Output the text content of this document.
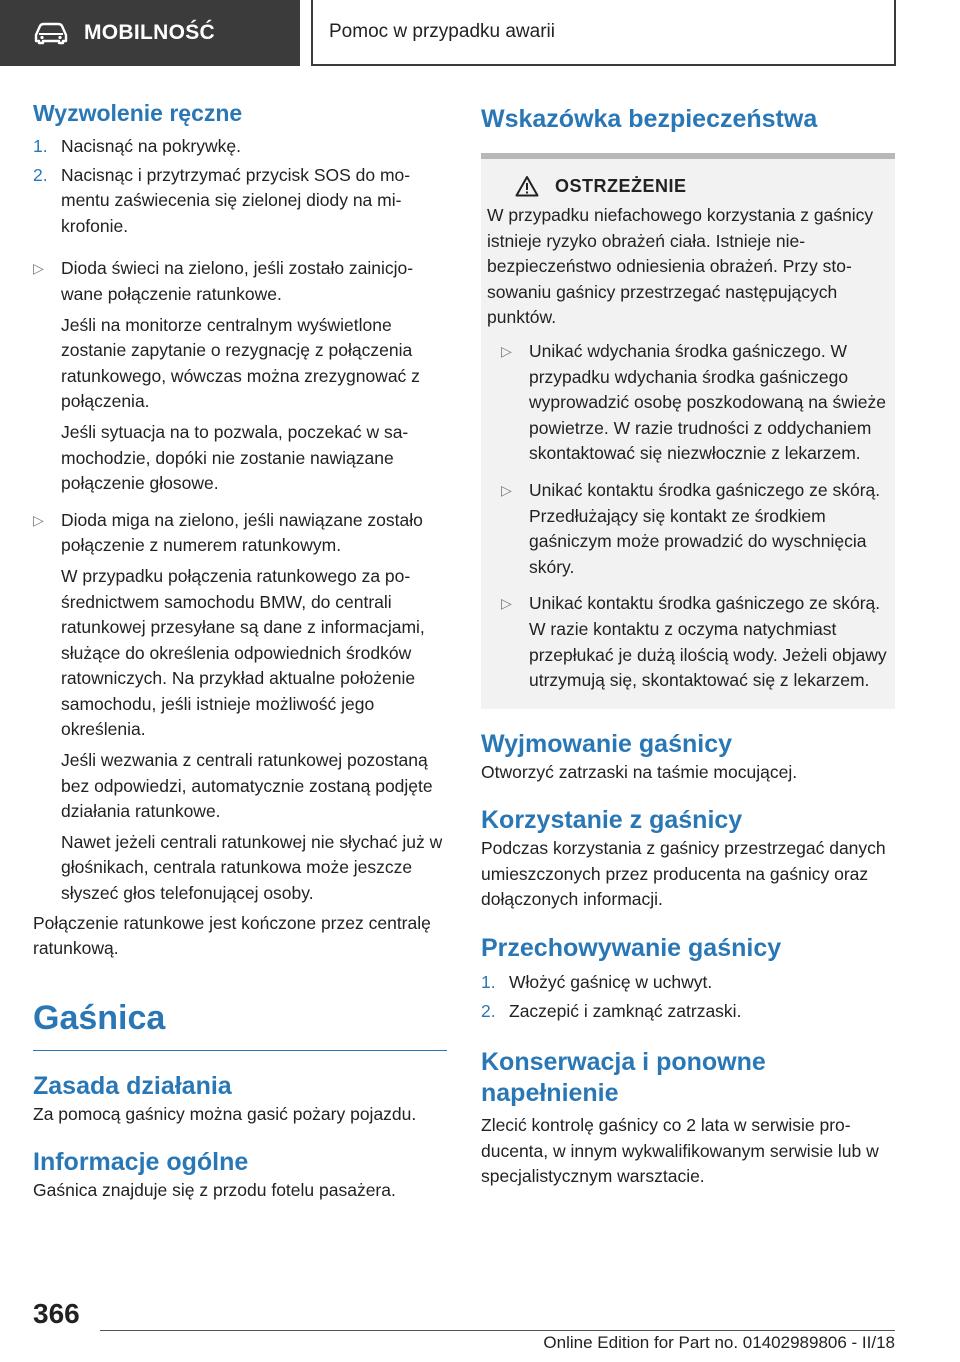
MOBILNOŚĆ	Pomoc w przypadku awarii
Wyzwolenie ręczne
1. Nacisnąć na pokrywkę.

2. Nacisnąc i przytrzymać przycisk SOS do momentu zaświecenia się zielonej diody na mikrofonie.

▷ Dioda świeci na zielono, jeśli zostało zainicjowane połączenie ratunkowe.

Jeśli na monitorze centralnym wyświetlone zostanie zapytanie o rezygnację z połączenia ratunkowego, wówczas można zrezygnować z połączenia.

Jeśli sytuacja na to pozwala, poczekać w samochodzie, dopóki nie zostanie nawiązane połączenie głosowe.

▷ Dioda miga na zielono, jeśli nawiązane zostało połączenie z numerem ratunkowym.

W przypadku połączenia ratunkowego za pośrednictwem samochodu BMW, do centrali ratunkowej przesyłane są dane z informacjami, służące do określenia odpowiednich środków ratowniczych. Na przykład aktualne położenie samochodu, jeśli istnieje możliwość jego określenia.

Jeśli wezwania z centrali ratunkowej pozostaną bez odpowiedzi, automatycznie zostaną podjęte działania ratunkowe.

Nawet jeżeli centrali ratunkowej nie słychać już w głośnikach, centrala ratunkowa może jeszcze słyszeć głos telefonującej osoby.

Połączenie ratunkowe jest kończone przez centralę ratunkową.

Gaśnica
Zasada działania

Za pomocą gaśnicy można gasić pożary pojazdu.

Informacje ogólne

Gaśnica znajduje się z przodu fotelu pasażera.

Wskazówka bezpieczeństwa
OSTRZEŻENIE

W przypadku niefachowego korzystania z gaśnicy istnieje ryzyko obrażeń ciała. Istnieje niebezpieczeństwo odniesienia obrażeń. Przy stosowaniu gaśnicy przestrzegać następujących punktów.

▷ Unikać wdychania środka gaśniczego. W przypadku wdychania środka gaśniczego wyprowadzić osobę poszkodowaną na świeże powietrze. W razie trudności z oddychaniem skontaktować się niezwłocznie z lekarzem.

▷ Unikać kontaktu środka gaśniczego ze skórą. Przedłużający się kontakt ze środkiem gaśniczym może prowadzić do wyschnięcia skóry.

▷ Unikać kontaktu środka gaśniczego ze skórą. W razie kontaktu z oczyma natychmiast przepłukać je dużą ilością wody. Jeżeli objawy utrzymują się, skontaktować się z lekarzem.

Wyjmowanie gaśnicy

Otworzyć zatrzaski na taśmie mocującej.

Korzystanie z gaśnicy

Podczas korzystania z gaśnicy przestrzegać danych umieszczonych przez producenta na gaśnicy oraz dołączonych informacji.

Przechowywanie gaśnicy
1. Włożyć gaśnicę w uchwyt.

2. Zaczepić i zamknąć zatrzaski.

Konserwacja i ponowne
napełnienie

Zlecić kontrolę gaśnicy co 2 lata w serwisie producenta, w innym wykwalifikowanym serwisie lub w specjalistycznym warsztacie.

366
Online Edition for Part no. 01402989806 - II/18
